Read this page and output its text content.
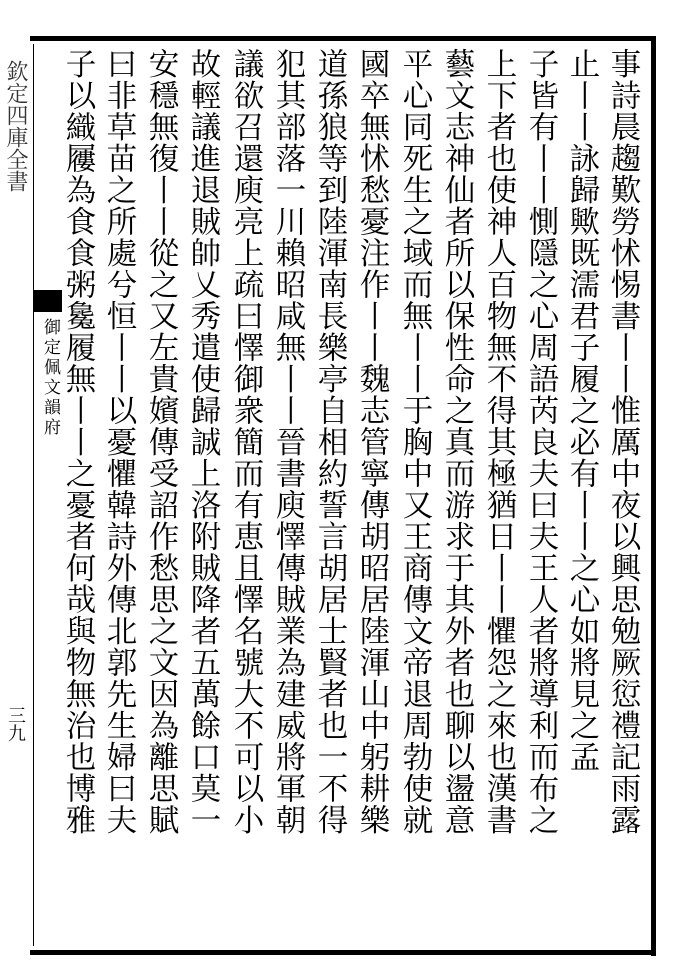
欽定四庫全書
御定佩文韻府
三九	事詩晨趨歎勞怵惕書丨丨惟厲中夜以興思勉厥愆禮記雨露
止丨丨詠歸歟既濡君子履之必有丨丨之心如將見之孟
子皆有丨丨惻隱之心周語芮良夫曰夫王人者將導利而布之
上下者也使神人百物無不得其極猶日丨丨懼怨之來也漢書
藝文志神仙者所以保性命之真而游求于其外者也聊以盪意
平心同死生之域而無丨丨于胸中又王商傳文帝退周勃使就
國卒無怵愁憂注作丨丨魏志管寧傳胡昭居陸渾山中躬耕樂
道孫狼等到陸渾南長樂亭自相約誓言胡居士賢者也一不得
犯其部落一川賴昭咸無丨丨晉書庾懌傳賊業為建威將軍朝
議欲召還庾亮上疏曰懌御衆簡而有恵且懌名號大不可以小
故輕議進退賊帥乂秀遣使歸誠上洛附賊降者五萬餘口莫一
安穩無復丨丨從之又左貴嬪傳受詔作愁思之文因為離思賦
曰非草苗之所處兮恒丨丨以憂懼韓詩外傳北郭先生婦曰夫
子以織屨為食食粥毚履無丨丨之憂者何哉與物無治也博雅
